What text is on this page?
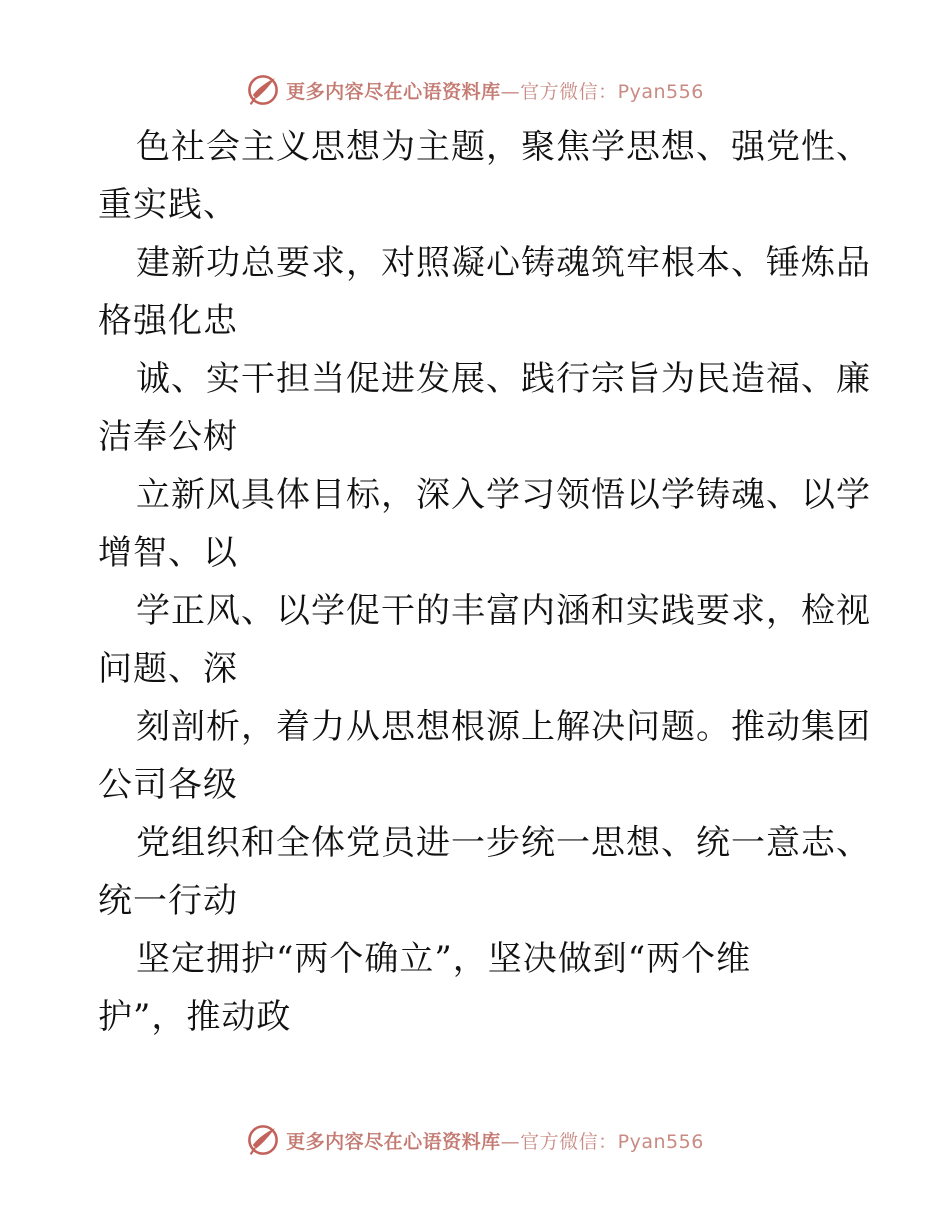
更多内容尽在心语资料库—官方微信：Pyan556
色社会主义思想为主题，聚焦学思想、强党性、
重实践、
建新功总要求，对照凝心铸魂筑牢根本、锤炼品
格强化忠
诚、实干担当促进发展、践行宗旨为民造福、廉
洁奉公树
立新风具体目标，深入学习领悟以学铸魂、以学
增智、以
学正风、以学促干的丰富内涵和实践要求，检视
问题、深
刻剖析，着力从思想根源上解决问题。推动集团
公司各级
党组织和全体党员进一步统一思想、统一意志、
统一行动
坚定拥护“两个确立”，坚决做到“两个维
护”，推动政
更多内容尽在心语资料库—官方微信：Pyan556
